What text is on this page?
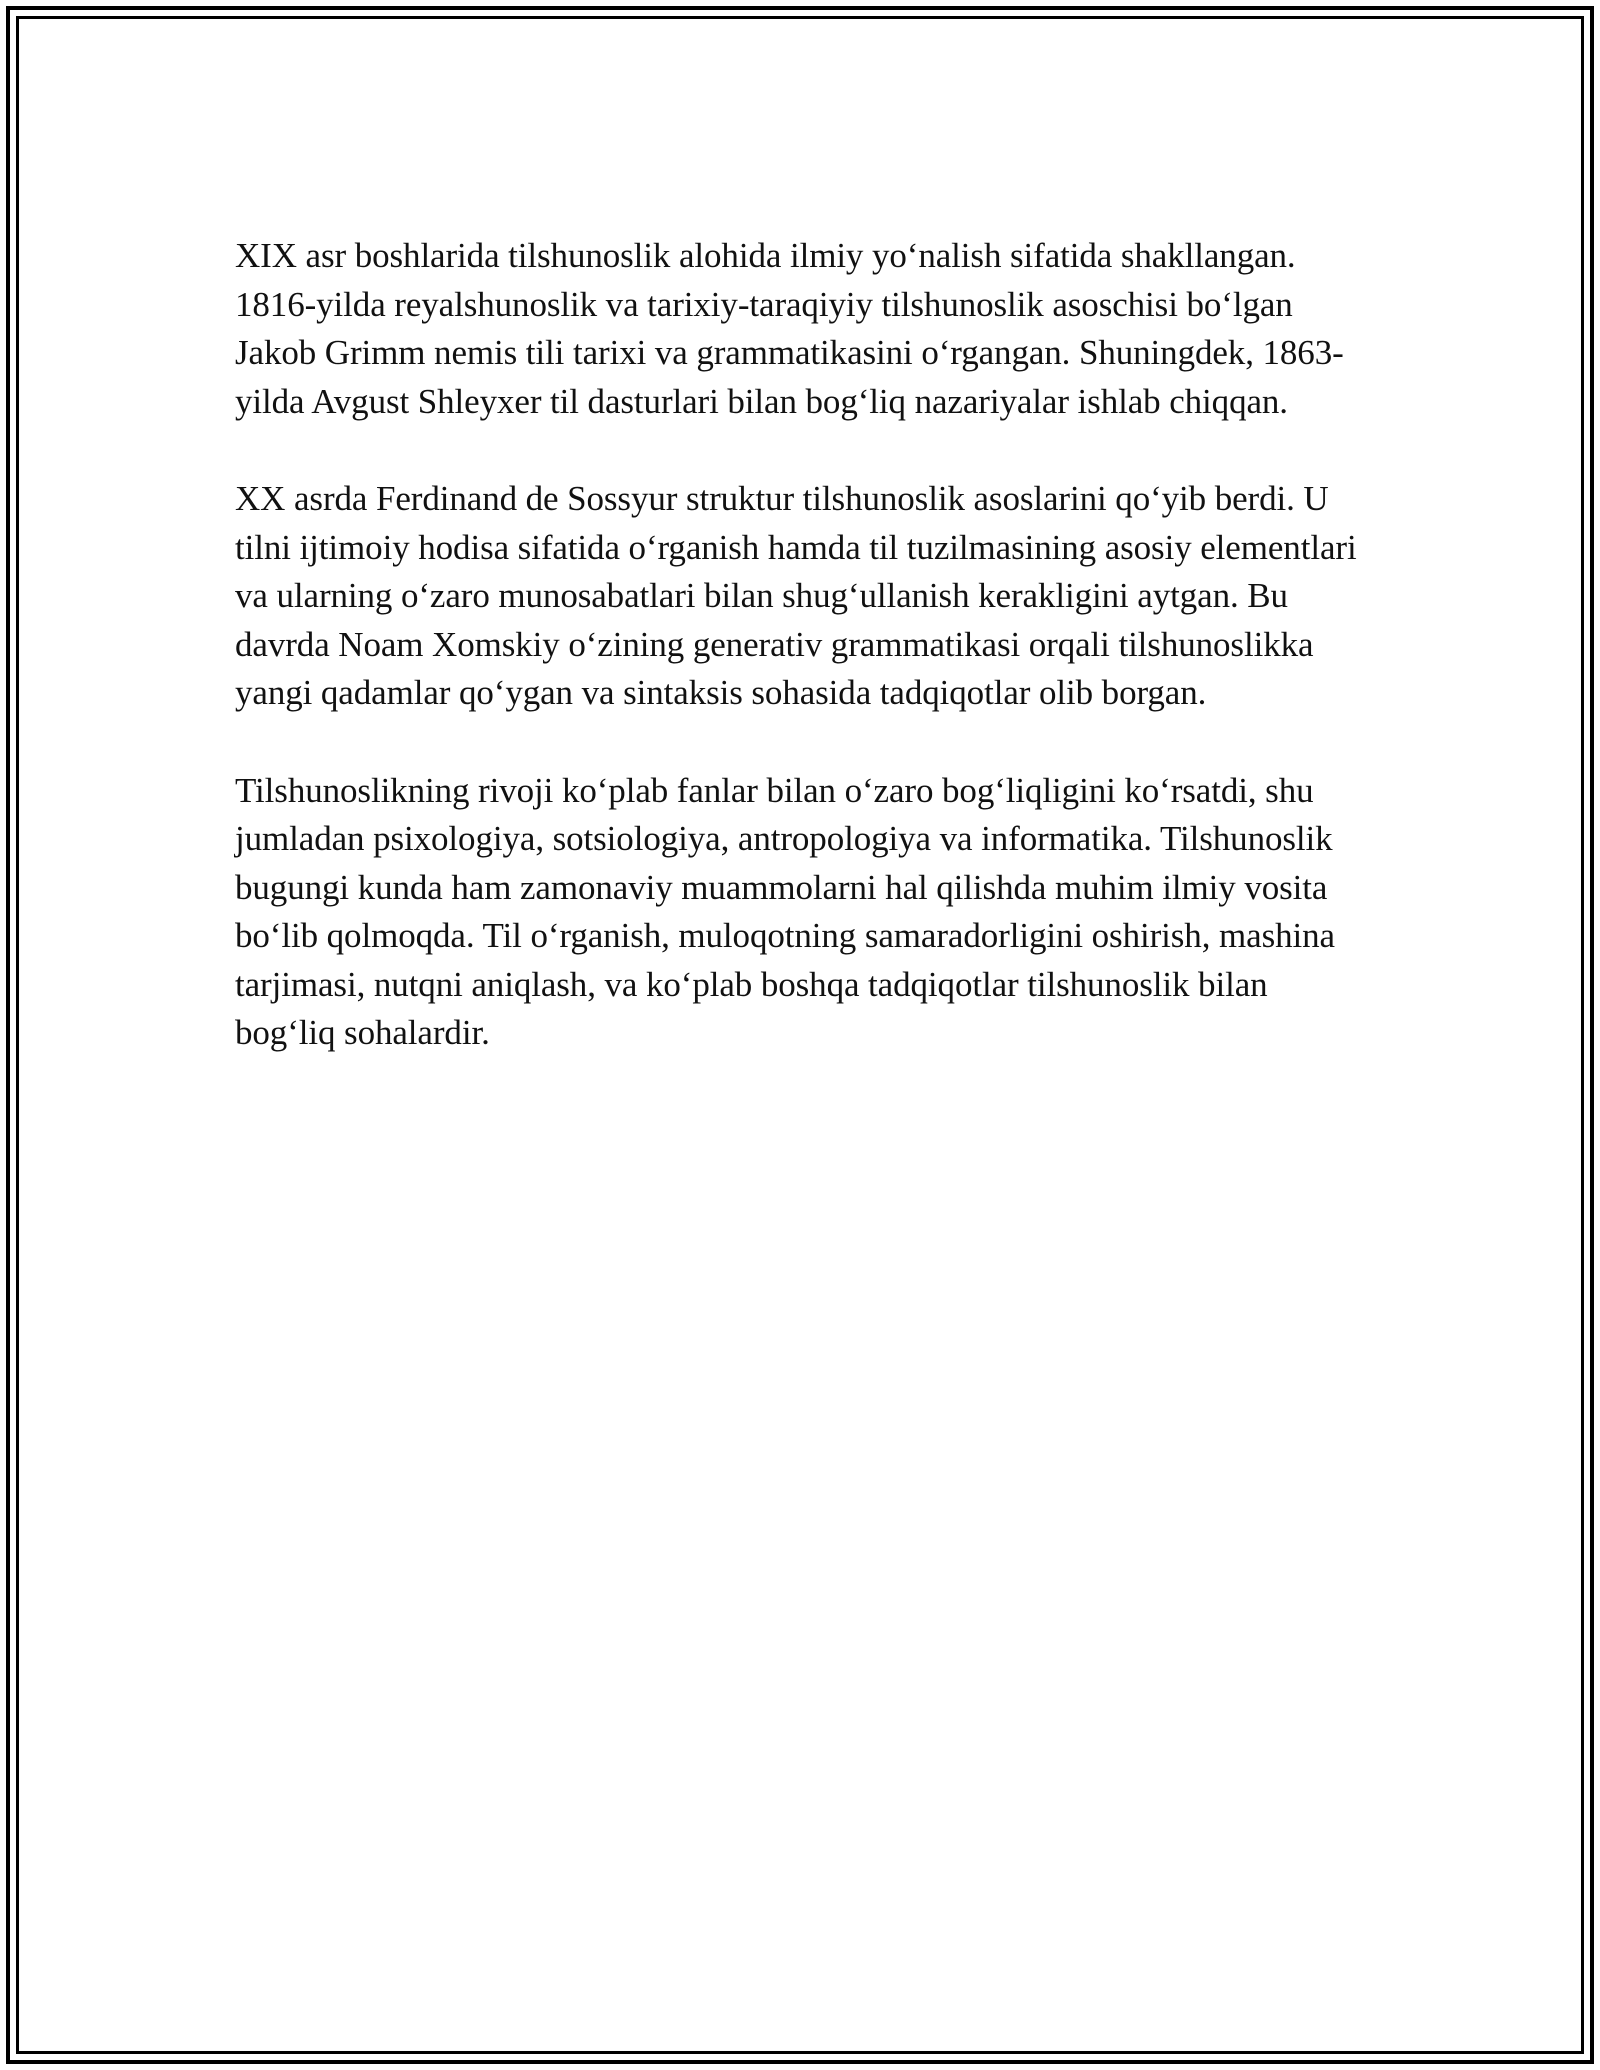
XIX asr boshlarida tilshunoslik alohida ilmiy yo‘nalish sifatida shakllangan. 1816-yilda reyalshunoslik va tarixiy-taraqiyiy tilshunoslik asoschisi bo‘lgan Jakob Grimm nemis tili tarixi va grammatikasini o‘rgangan. Shuningdek, 1863-yilda Avgust Shleyxer til dasturlari bilan bog‘liq nazariyalar ishlab chiqqan.

XX asrda Ferdinand de Sossyur struktur tilshunoslik asoslarini qo‘yib berdi. U tilni ijtimoiy hodisa sifatida o‘rganish hamda til tuzilmasining asosiy elementlari va ularning o‘zaro munosabatlari bilan shug‘ullanish kerakligini aytgan. Bu davrda Noam Xomskiy o‘zining generativ grammatikasi orqali tilshunoslikka yangi qadamlar qo‘ygan va sintaksis sohasida tadqiqotlar olib borgan.

Tilshunoslikning rivoji ko‘plab fanlar bilan o‘zaro bog‘liqligini ko‘rsatdi, shu jumladan psixologiya, sotsiologiya, antropologiya va informatika. Tilshunoslik bugungi kunda ham zamonaviy muammolarni hal qilishda muhim ilmiy vosita bo‘lib qolmoqda. Til o‘rganish, muloqotning samaradorligini oshirish, mashina tarjimasi, nutqni aniqlash, va ko‘plab boshqa tadqiqotlar tilshunoslik bilan bog‘liq sohalardir.
